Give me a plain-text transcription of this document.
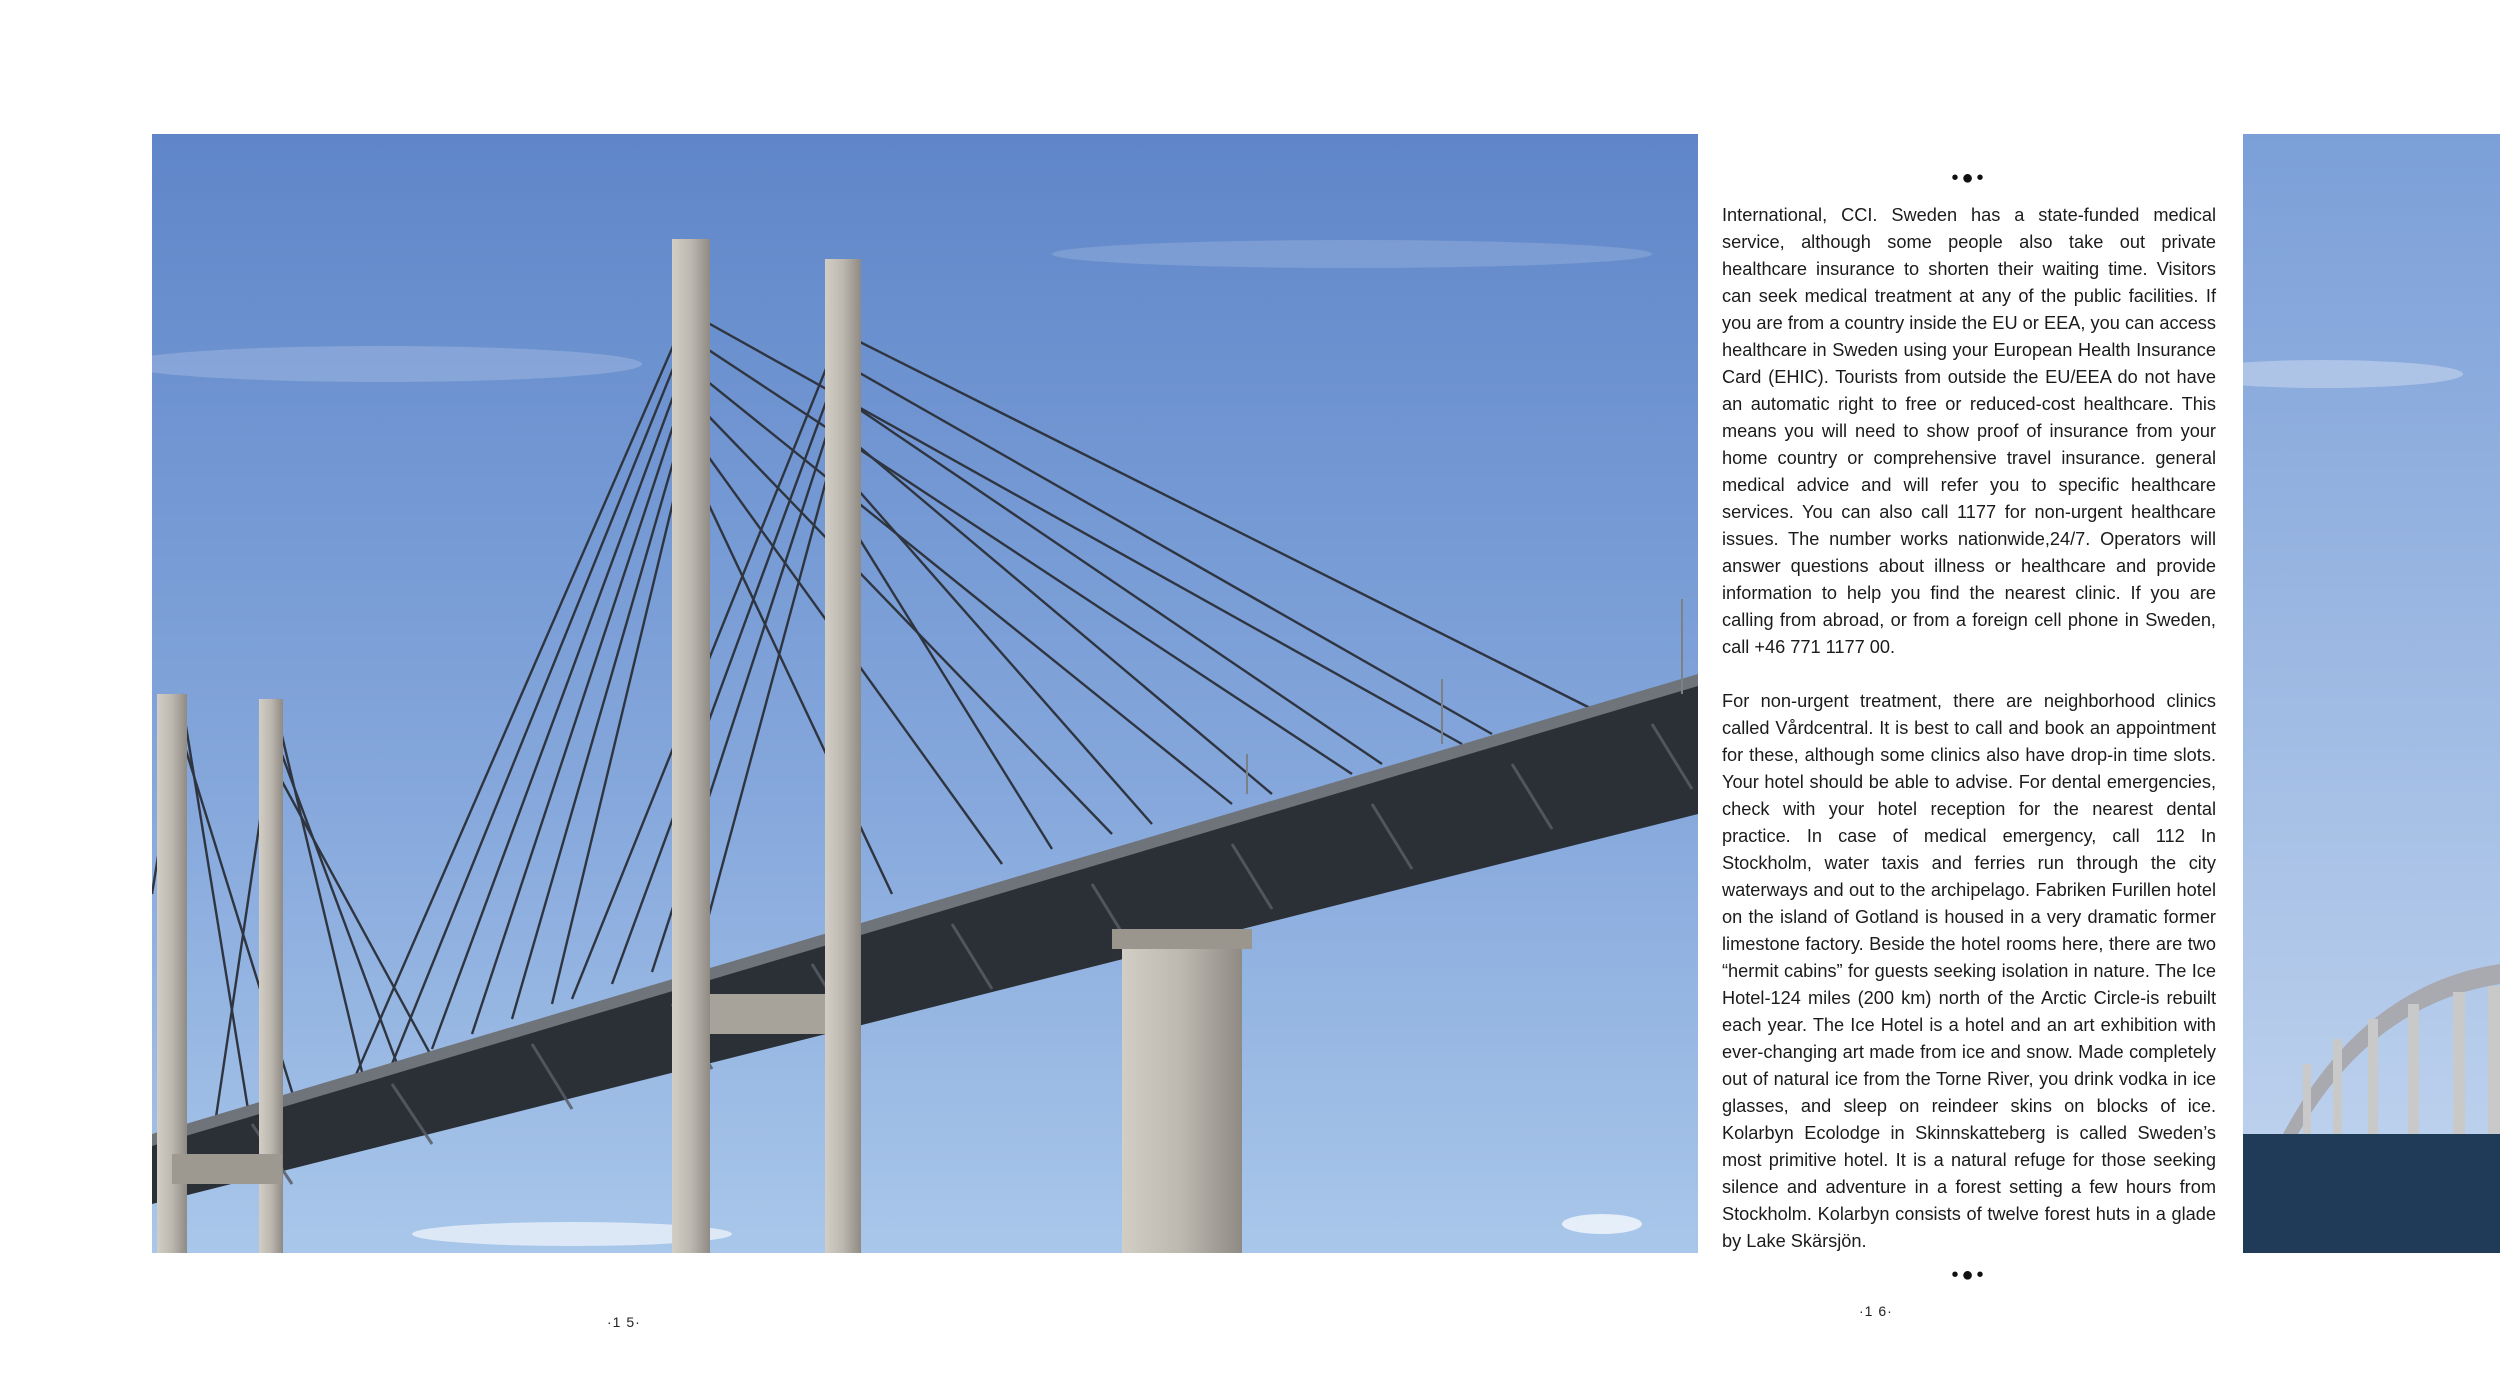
•●•

International, CCI. Sweden has a state-funded medical service, although some people also take out private healthcare insurance to shorten their waiting time. Visitors can seek medical treatment at any of the public facilities. If you are from a country inside the EU or EEA, you can access healthcare in Sweden using your European Health Insurance Card (EHIC). Tourists from outside the EU/EEA do not have an automatic right to free or reduced-cost healthcare. This means you will need to show proof of insurance from your home country or comprehensive travel insurance. general medical advice and will refer you to specific healthcare services. You can also call 1177 for non-urgent healthcare issues. The number works nationwide,24/7. Operators will answer questions about illness or healthcare and provide information to help you find the nearest clinic. If you are calling from abroad, or from a foreign cell phone in Sweden, call +46 771 1177 00.

For non-urgent treatment, there are neighborhood clinics called Vårdcentral. It is best to call and book an appointment for these, although some clinics also have drop-in time slots. Your hotel should be able to advise. For dental emergencies, check with your hotel reception for the nearest dental practice. In case of medical emergency, call 112 In Stockholm, water taxis and ferries run through the city waterways and out to the archipelago. Fabriken Furillen hotel on the island of Gotland is housed in a very dramatic former limestone factory. Beside the hotel rooms here, there are two “hermit cabins” for guests seeking isolation in nature. The Ice Hotel-124 miles (200 km) north of the Arctic Circle-is rebuilt each year. The Ice Hotel is a hotel and an art exhibition with ever-changing art made from ice and snow. Made completely out of natural ice from the Torne River, you drink vodka in ice glasses, and sleep on reindeer skins on blocks of ice. Kolarbyn Ecolodge in Skinnskatteberg is called Sweden’s most primitive hotel. It is a natural refuge for those seeking silence and adventure in a forest setting a few hours from Stockholm. Kolarbyn consists of twelve forest huts in a glade by Lake Skärsjön.

•●•
·1 5·
·1 6·
